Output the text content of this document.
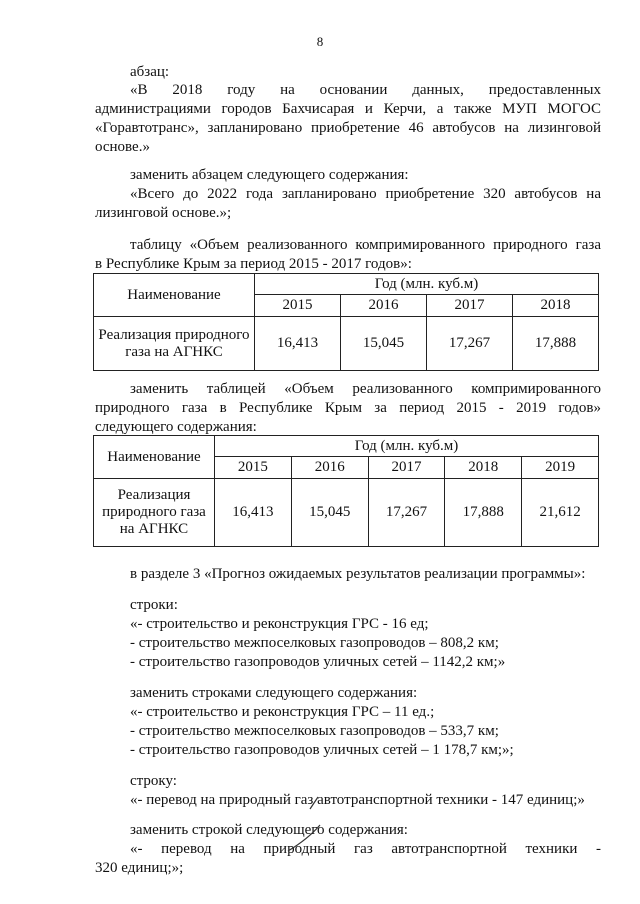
8
абзац:
«В 2018 году на основании данных, предоставленных
администрациями городов Бахчисарая и Керчи, а также МУП МОГОС
«Горавтотранс», запланировано приобретение 46 автобусов на лизинговой
основе.»
заменить абзацем следующего содержания:
«Всего до 2022 года запланировано приобретение 320 автобусов на
лизинговой основе.»;
таблицу «Объем реализованного компримированного природного газа
в Республике Крым за период 2015 - 2017 годов»:
Наименование	Год (млн. куб.м)			
	2015	2016	2017	2018

Реализация природного
газа на АГНКС	16,413	15,045	17,267	17,888
заменить таблицей «Объем реализованного компримированного
природного газа в Республике Крым за период 2015 - 2019 годов»
следующего содержания:
Наименование	Год (млн. куб.м)				
	2015	2016	2017	2018	2019

Реализация
природного газа
на АГНКС	16,413	15,045	17,267	17,888	21,612
в разделе 3 «Прогноз ожидаемых результатов реализации программы»:
строки:
«- строительство и реконструкция ГРС - 16 ед;
- строительство межпоселковых газопроводов – 808,2 км;
- строительство газопроводов уличных сетей – 1142,2 км;»
заменить строками следующего содержания:
«- строительство и реконструкция ГРС – 11 ед.;
- строительство межпоселковых газопроводов – 533,7 км;
- строительство газопроводов уличных сетей – 1 178,7 км;»;
строку:
«- перевод на природный газ автотранспортной техники - 147 единиц;»
заменить строкой следующего содержания:
«- перевод на природный газ автотранспортной техники -
320 единиц;»;
